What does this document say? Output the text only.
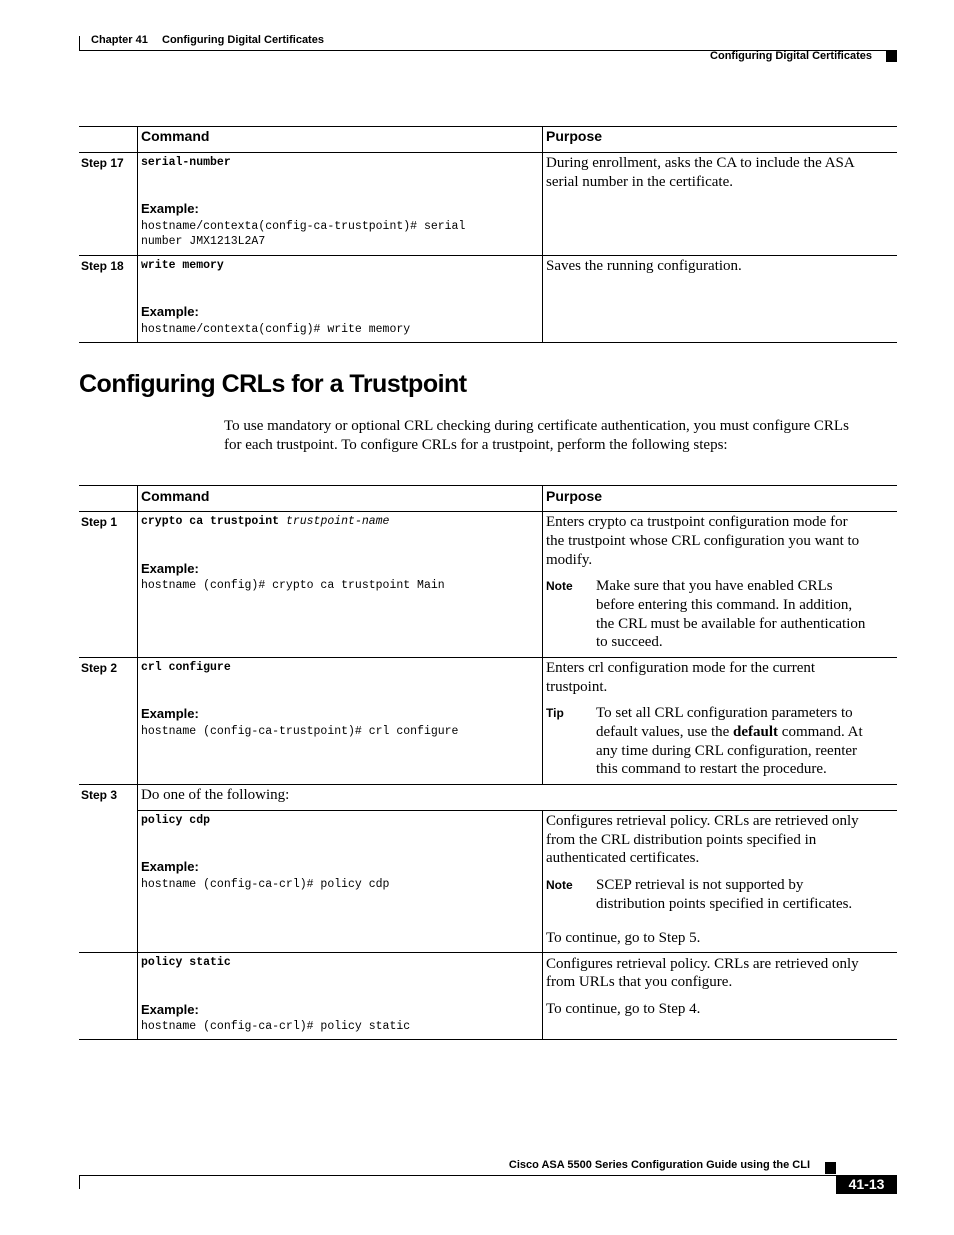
Chapter 41 Configuring Digital Certificates
Configuring Digital Certificates
Command	Purpose
Step 17 serial-number
Example:
hostname/contexta(config-ca-trustpoint)# serial
number JMX1213L2A7
During enrollment, asks the CA to include the ASA
serial number in the certificate.
Step 18 write memory
Example:
hostname/contexta(config)# write memory
Saves the running configuration.
Configuring CRLs for a Trustpoint
To use mandatory or optional CRL checking during certificate authentication, you must configure CRLs
for each trustpoint. To configure CRLs for a trustpoint, perform the following steps:
Command	Purpose
Step 1 crypto ca trustpoint trustpoint-name
Example:
hostname (config)# crypto ca trustpoint Main
Enters crypto ca trustpoint configuration mode for
the trustpoint whose CRL configuration you want to
modify.
Note Make sure that you have enabled CRLs
before entering this command. In addition,
the CRL must be available for authentication
to succeed.
Step 2 crl configure
Example:
hostname (config-ca-trustpoint)# crl configure
Enters crl configuration mode for the current
trustpoint.
Tip To set all CRL configuration parameters to
default values, use the default command. At
any time during CRL configuration, reenter
this command to restart the procedure.
Step 3 Do one of the following:
policy cdp
Example:
hostname (config-ca-crl)# policy cdp
Configures retrieval policy. CRLs are retrieved only
from the CRL distribution points specified in
authenticated certificates.
Note SCEP retrieval is not supported by
distribution points specified in certificates.
To continue, go to Step 5.
policy static
Example:
hostname (config-ca-crl)# policy static
Configures retrieval policy. CRLs are retrieved only
from URLs that you configure.
To continue, go to Step 4.
Cisco ASA 5500 Series Configuration Guide using the CLI
41-13
